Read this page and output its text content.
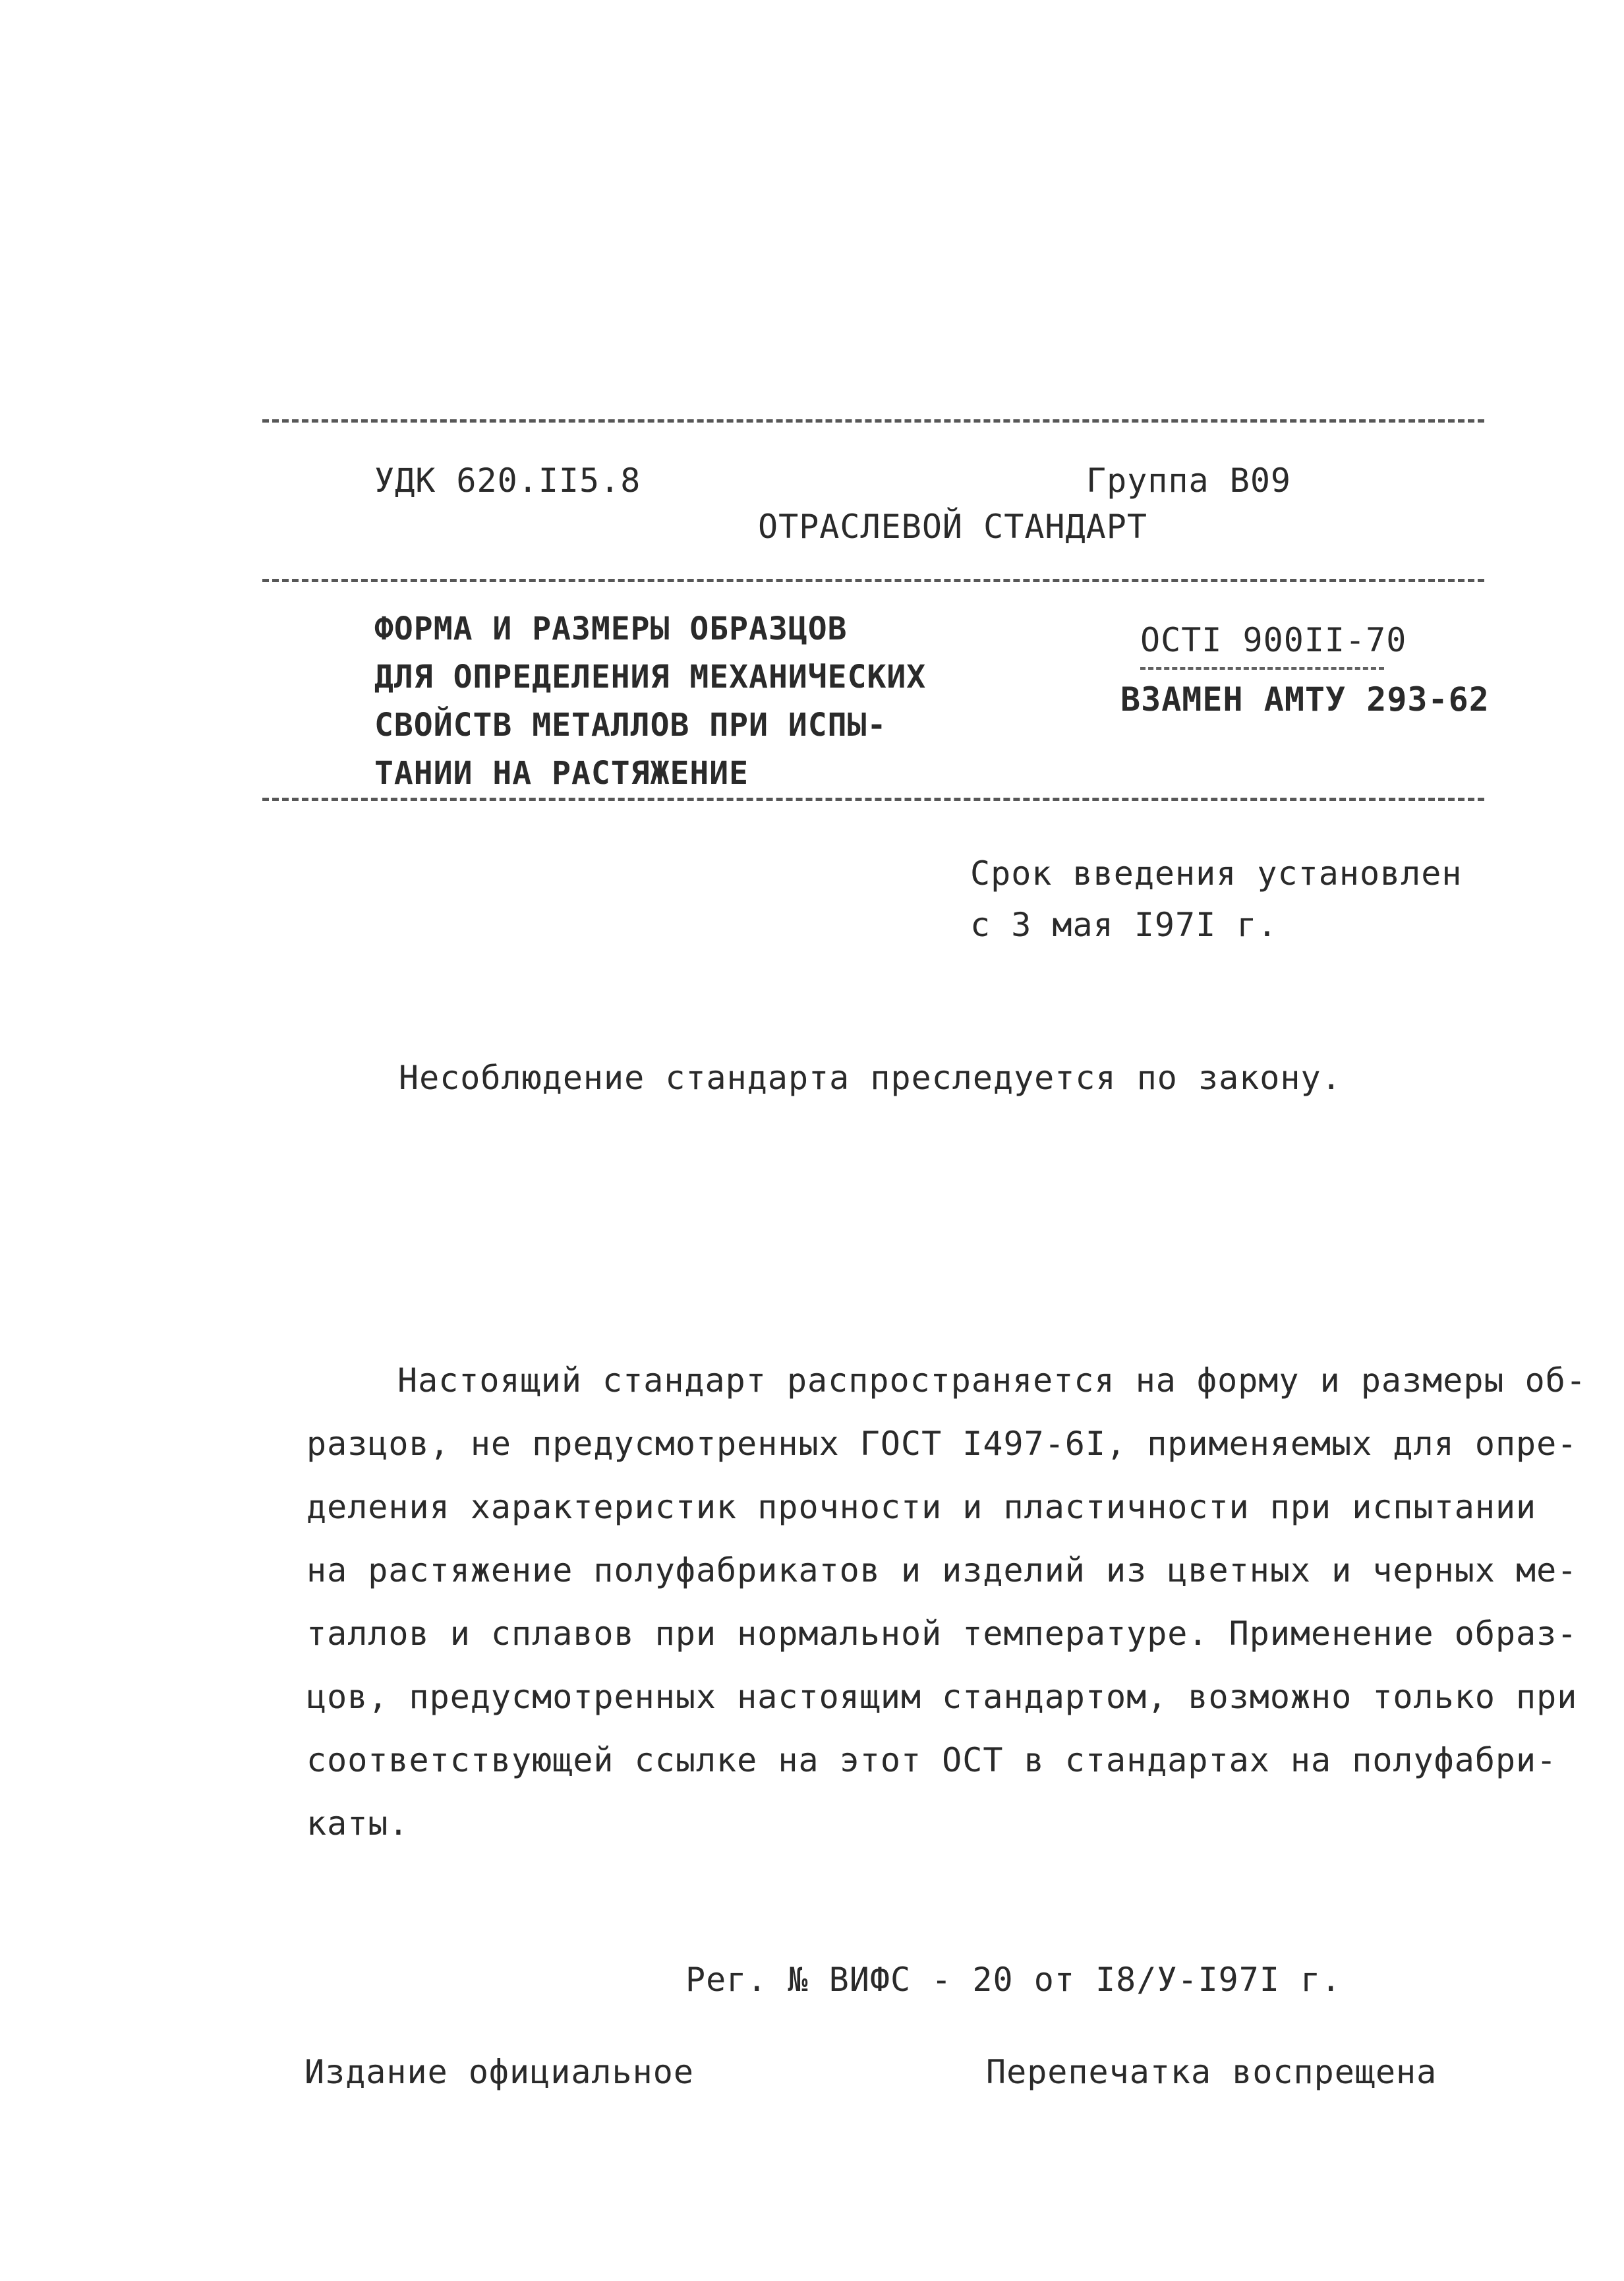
УДК 620.II5.8	Группа В09
ОТРАСЛЕВОЙ СТАНДАРТ
ФОРМА И РАЗМЕРЫ ОБРАЗЦОВ
ДЛЯ ОПРЕДЕЛЕНИЯ МЕХАНИЧЕСКИХ
СВОЙСТВ МЕТАЛЛОВ ПРИ ИСПЫ-
ТАНИИ НА РАСТЯЖЕНИЕ
ОСТI 900II-70
ВЗАМЕН АМТУ 293-62
Срок введения установлен
с 3 мая I97I г.
Несоблюдение стандарта преследуется по закону.
Настоящий стандарт распространяется на форму и размеры об-
разцов, не предусмотренных ГОСТ I497-6I, применяемых для опре-
деления характеристик прочности и пластичности при испытании
на растяжение полуфабрикатов и изделий из цветных и черных ме-
таллов и сплавов при нормальной температуре. Применение образ-
цов, предусмотренных настоящим стандартом, возможно только при
соответствующей ссылке на этот ОСТ в стандартах на полуфабри-
каты.
Рег. № ВИФС - 20 от I8/У-I97I г.
Издание официальное	Перепечатка воспрещена
